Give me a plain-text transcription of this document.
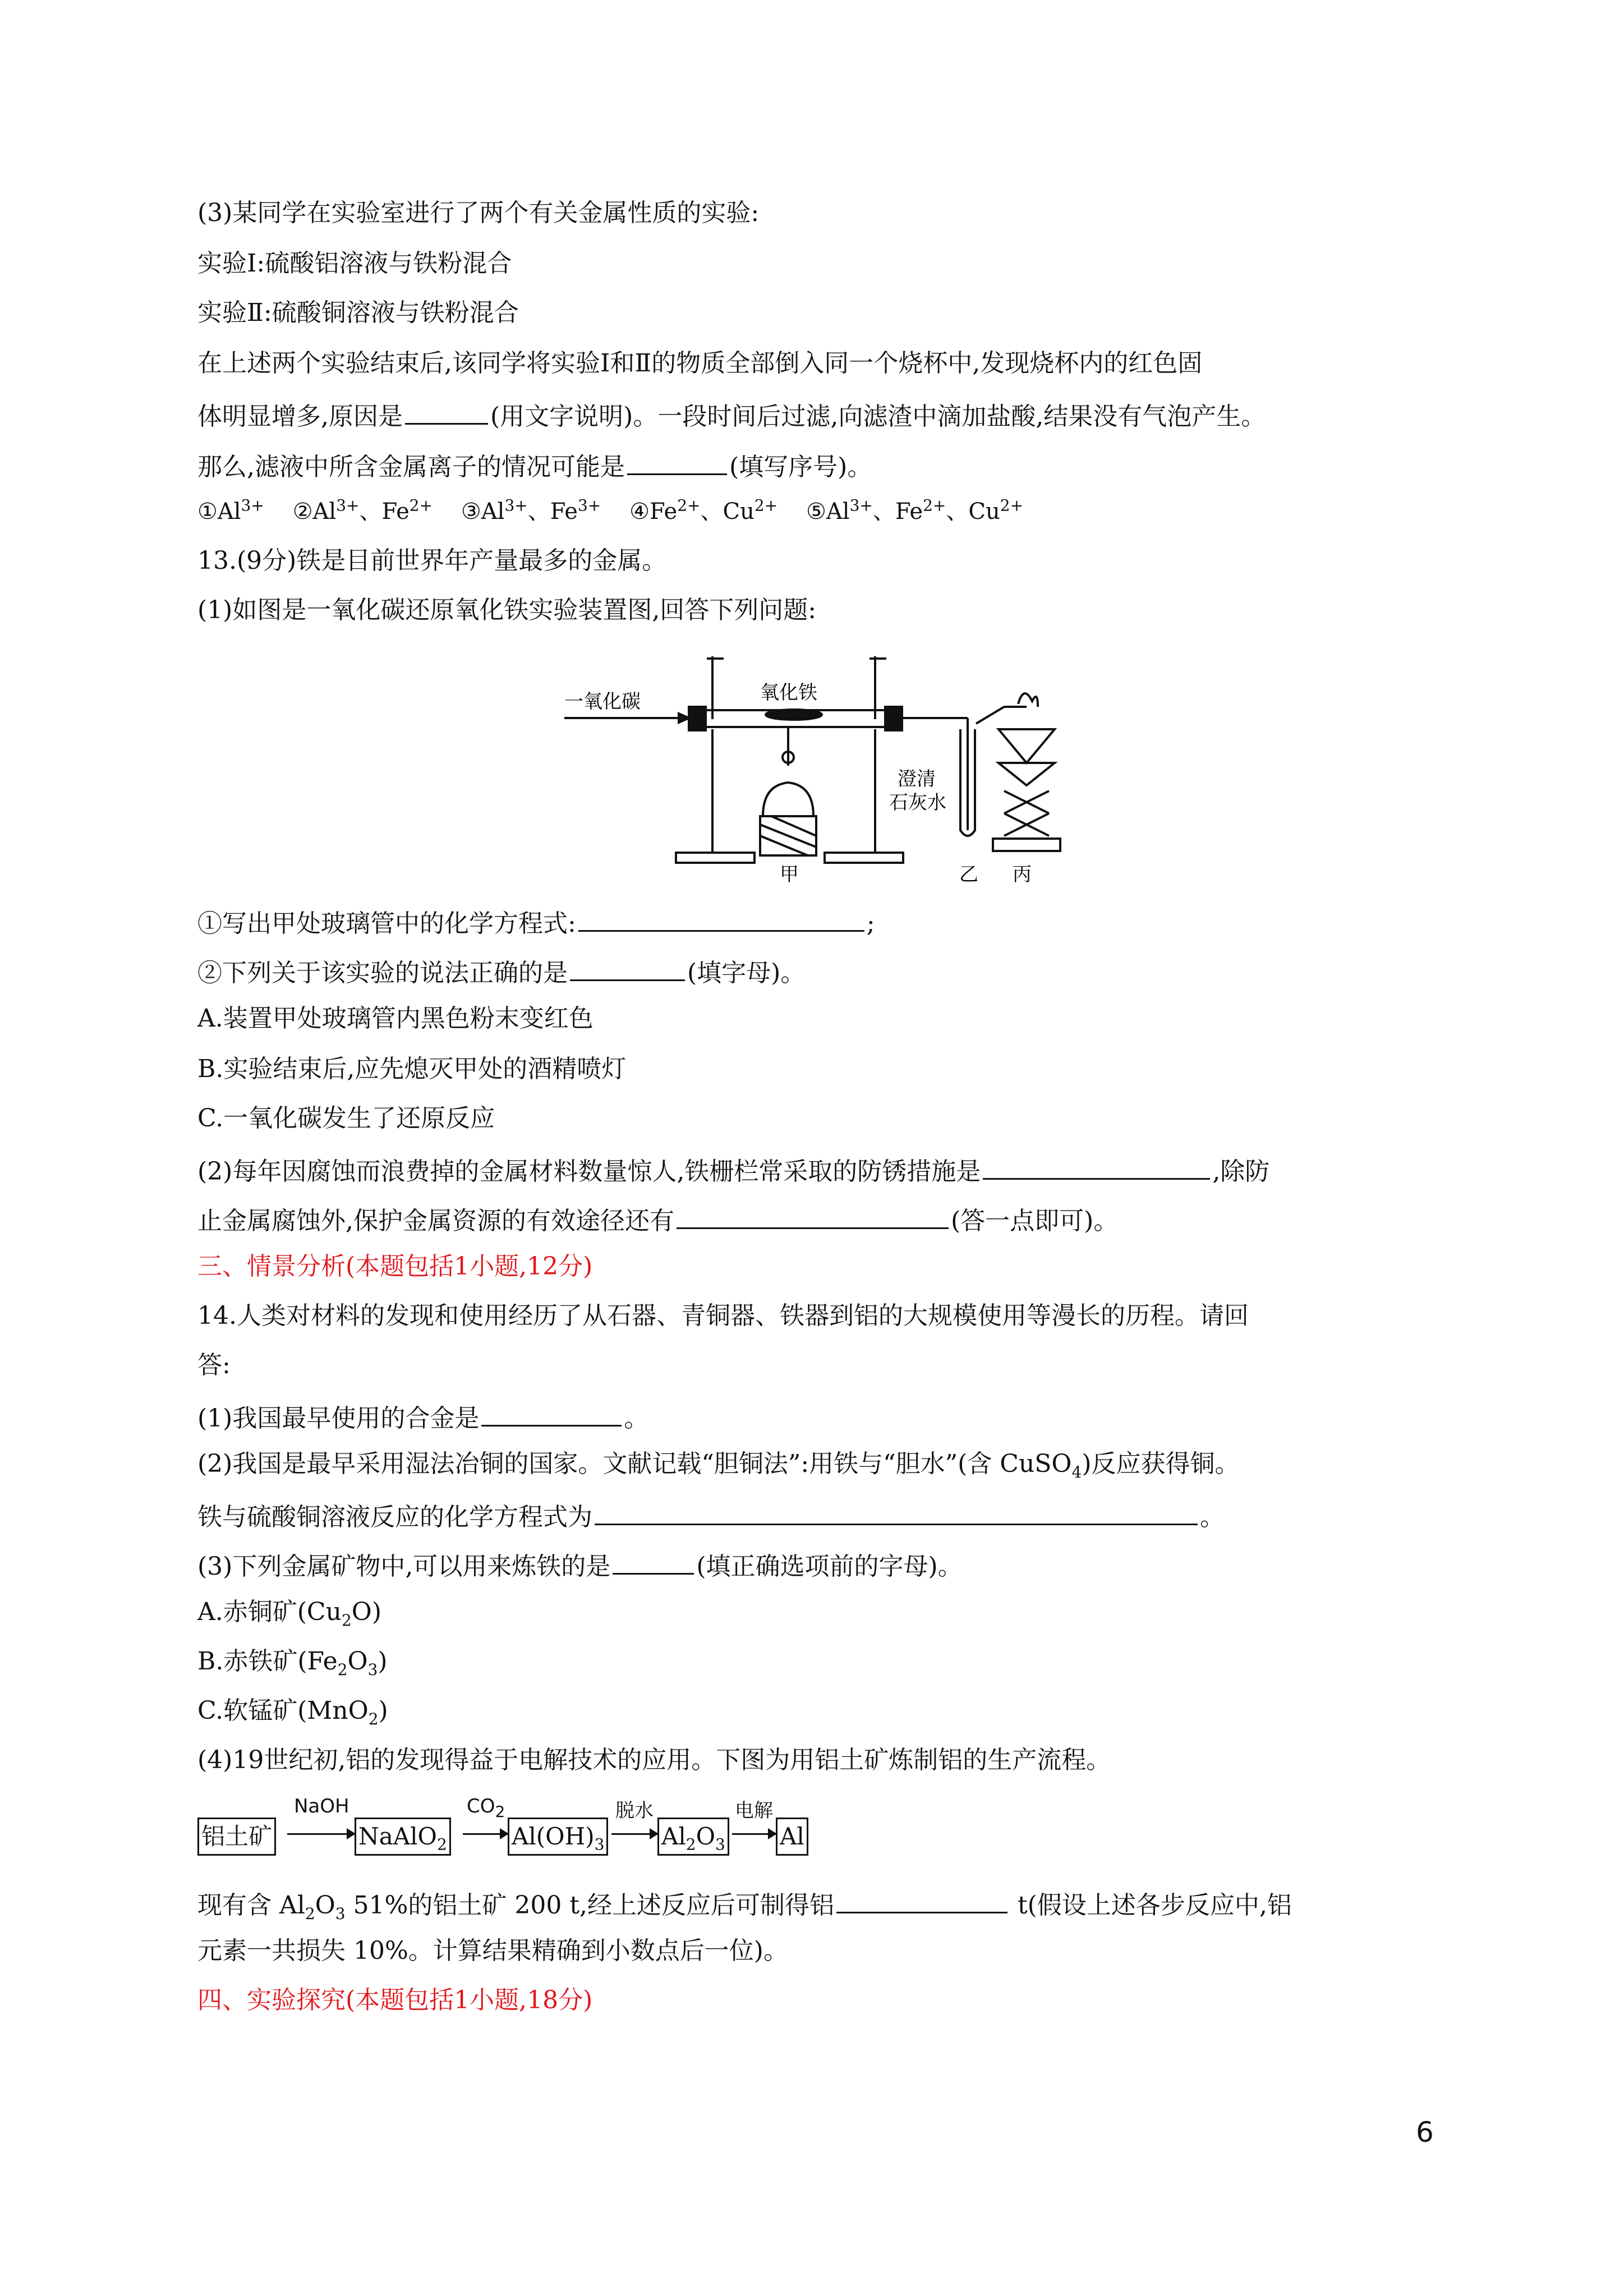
(3)某同学在实验室进行了两个有关金属性质的实验:
实验Ⅰ:硫酸铝溶液与铁粉混合
实验Ⅱ:硫酸铜溶液与铁粉混合
在上述两个实验结束后,该同学将实验Ⅰ和Ⅱ的物质全部倒入同一个烧杯中,发现烧杯内的红色固
体明显增多,原因是	(用文字说明)。一段时间后过滤,向滤渣中滴加盐酸,结果没有气泡产生。
那么,滤液中所含金属离子的情况可能是	(填写序号)。
$①Al^{3+}$ $②Al^{3+}$、$Fe^{2+}$ $③Al^{3+}$、$Fe^{3+}$ $④Fe^{2+}$、$Cu^{2+}$ $⑤Al^{3+}$、$Fe^{2+}$、$Cu^{2+}$
13.(9分)铁是目前世界年产量最多的金属。
(1)如图是一氧化碳还原氧化铁实验装置图,回答下列问题:
一氧化碳	氧化铁
澄清
石灰水
甲	乙 丙
①写出甲处玻璃管中的化学方程式:	;
②下列关于该实验的说法正确的是	(填字母)。
A.装置甲处玻璃管内黑色粉末变红色
B.实验结束后,应先熄灭甲处的酒精喷灯
C.一氧化碳发生了还原反应
(2)每年因腐蚀而浪费掉的金属材料数量惊人,铁栅栏常采取的防锈措施是	,除防
止金属腐蚀外,保护金属资源的有效途径还有	(答一点即可)。
三、情景分析(本题包括1小题,12分)
14.人类对材料的发现和使用经历了从石器、青铜器、铁器到铝的大规模使用等漫长的历程。请回
答:
(1)我国最早使用的合金是	。
(2)我国是最早采用湿法冶铜的国家。文献记载“胆铜法”:用铁与“胆水”(含 CuSO$_4$)反应获得铜。
铁与硫酸铜溶液反应的化学方程式为	。
(3)下列金属矿物中,可以用来炼铁的是	(填正确选项前的字母)。
A.赤铜矿$(Cu_2O)$
B.赤铁矿$(Fe_2O_3)$
C.软锰矿(MnO$_2$)
(4)19世纪初,铝的发现得益于电解技术的应用。下图为用铝土矿炼制铝的生产流程。
铝土矿
NaOH
NaAlO$_2$
$CO_2$
$Al(OH)_3$
脱水
$Al_2O_3$
电解
Al
现有含 $Al_2O_3$ 51%的铝土矿 200 t,经上述反应后可制得铝	t(假设上述各步反应中,铝
元素一共损失 10%。计算结果精确到小数点后一位)。
四、实验探究(本题包括1小题,18分)
6
